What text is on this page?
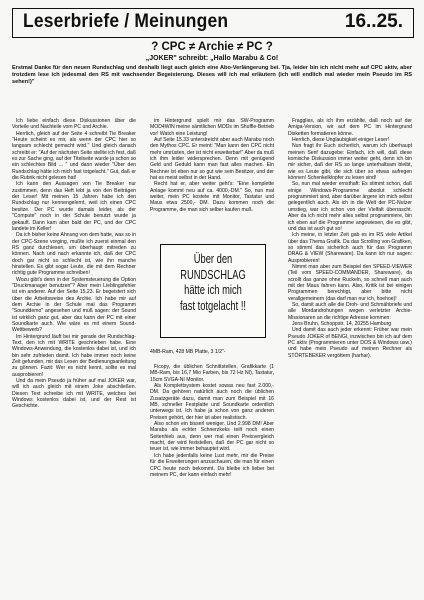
Leserbriefe / Meinungen	16..25.
? CPC ≠ Archie ≠ PC ?
„JOKER" schreibt: „Hallo Marabu & Co!
Erstmal Danke für den neuen Rundschlag und deshalb liegt auch gleich eine Abo-Verlängerung bei. Tja, leider bin ich nicht mehr auf CPC aktiv, aber trotzdem lese ich jedesmal den RS mit wachsender Begeisterung. Dieses will ich mal erläutern (ich will endlich mal wieder mein Pseudo im RS sehen!)"

Ich liebe einfach diese Diskussionen über die Vorteile und Nachteile vom PC und Archie.

Herrlich, gleich auf der Seite 4 schreibt Tie Breaker "Heute scheint es mir, als wenn der CPC hier so langsam schlecht gemacht wird." Und gleich danach schreibt er: "Auf der nächsten Seite stellte ich fest, daß es zur Sache ging, auf der Titelseite wurde ja schon so ein schlechtes Bild ... " und dann wieder "Über den Rundschlag hätte ich mich fast totgelacht." Gut, daß er die Rubrik nicht gelesen hat!

Ich kann den Aussagen von Tie Breaker nur zustimmen, denn das Heft lebt ja von den Beiträgen der Leser! Mit meinen 15 Jahren habe ich den Rundschlag nur kennengelernt, weil ich einen CPC besitze. Der PC wurde damals leider, als der "Compute" noch in der Schule benutzt wurde ja gekauft. Dann kam aber bald der PC, und der CPC landete im Keller!

Da ich bisher keine Ahnung von dem hatte, was so in der CPC-Szene vorging, mußte ich zuerst einmal den RS ganz durchlesen, um überhaupt mitreden zu können. Nach und nach erkannte ich, daß der CPC doch gar nicht so schlecht ist, wie ihn manche hinstellen. Es gibt sogar Leute, die mit dem Rechner richtig gute Programme schreiben!

Wozu gibt's denn in der Systemsteuerung die Option "Druckmanager benutzen"? Aber mein Lieblingsfehler ist ein anderer. Auf der Seite 15.23. Er begeistert sich über die Arbeitsweise des Archie. Ich habe mir auf dem Archie in der Schule mal das Programm "Sounddemo" angesehen und muß sagen: der Sound ist wirklich ganz gut, aber das kann der PC mit einer Soundkarte auch. Wie wäre es mit einem Sound-Wettbewerb?

Im Hintergrund läuft bei mir gerade der Rundschlag-Text, den ich mit WRITE geschrieben habe. Eine Windows-Anwendung, die kostenlos dabei ist, und ich bin sehr zufrieden damit. Ich habe immer noch keine Zeit gefunden, mir das Lesen der Bedienungsanleitung zu gönnen. Fazit: Wer es nicht kennt, sollte es mal ausprobieren!

Und da mein Pseudo ja früher auf mal JOKER war, will ich auch gleich mit einem Joke abschließen. Diesen Text schreibe ich mit WRITE, welches bei Windows kostenlos dabei ist, und der Rest ist Geschichte.

im Hintergrund spielt mir das SW-Programm MOD4WIN meine sämtlichen MODs im Shuffle-Betrieb vor! Watch eine Leistung!

Auf Seite 15.33 unterstreicht aber auch Marabu noch den Mythos CPC. Er meint: "Man kann den CPC nicht mehr umrüsten, der ist nicht erweiterbar!" Aber da muß ich ihm leider widersprechen. Denn mit genügend Geld und Geduld kann man fast alles machen. Ein Rechner ist eben nur so gut wie sein Besitzer, und der hat es meist selbst in der Hand.

Recht hat er, aber weiter geht's: "Eine komplette Anlage kommt neu auf ca. 4000,-DM." So, nun mal weiter, mein PC kostete mit Monitor, Tastatur und Maus etwa 2500,- DM. Dazu kommen noch die Programme, die man sich selber kaufen muß.

Ficopy, die üblichen Schnittstellen, Grafikkarte (1 MB-Ram, bis 16,7 Mio Farben, bis 72 Hz NI), Tastatur, 15cm SVGA-NI Monitor.

Als Komplettsystem kostet sowas neu fast 2.000,-DM. Da gehören natürlich auch noch die üblichen Zusatzgeräte dazu, damit man zum Beispiel mit 16 MB, schneller Festplatte und Soundkarte ordentlich unterwegs ist. Ich habe ja schon von ganz anderen Preisen gehört, der hier ist aber realistisch.

Also schon ein bisserl weniger. Und 2.998 DM! Aber Marabu als echter Schnerzkeks teilt noch einen Seitenhieb aus, denn wer mal einen Preisvergleich macht, der wird feststellen, daß der PC gar nicht so teuer ist, wie immer behauptet wird.

Ich habe jedenfalls keine Lust mehr, mir die Preise für die Erweiterungen anzuschauen, die man für einen CPC heute noch bekommt. Da bleibe ich lieber bei meinem PC, der kann einfach mehr!

Über den
RUNDSCHLAG
hätte ich mich
fast totgelacht !!
4MB-Ram, 428 MB Platte, 3 1/2"-

Fragglies, als ich ihm erzählte, daß noch auf der Amiga-Version, wir auf dem PC im Hintergrund Disketten formatieren könne.

Herrlich, diese Unglaubigkeit einiger Leser!

Nun fragt ihr Euch sicherlich, warum ich überhaupt meinen Senf dazugebe: Einfach, ich will, daß diese komische Diskussion immer weiter geht, denn ich bin mir sicher, daß der RS so lange unterhaltsam bleibt, wie es Leute gibt, die sich über so etwas aufregen können! Schenkelklopfer zu lesen sind!

So, nun mal wieder ernsthaft: Es stimmt schon, daß einige Windows-Programme absolut schlecht programmiert sind, aber darüber ärgere ich mich selbst gelegentlich auch. Als ich in die Welt der PC-Nutzer umstieg, war ich schon von der Vielfalt überrascht. Aber da ich nicht mehr alles selbst programmiere, bin ich eben auf die Programme angewiesen, die es gibt, und das ist auch gut so!

Ich meine, in letzter Zeit gab es im RS viele Artikel über das Thema Grafik. Da das Scrolling von Grafiken, so stimmt das sicherlich auch für das Programm DRAG & VIEW (Shareware). Da kann ich nur sagen: Ausprobieren!

Nimmt man aber zum Beispiel den SPEED-VIEWER (Teil vom SPEED-COMMANDER, Shareware), da scrollt das ganze ohne Ruckeln, so schnell man auch mit der Maus fahren kann. Also, Kritik ist bei einigen Programmen berechtigt, aber bitte nicht verallgemeinern (das darf man nur ich, hoehoe)!

So, damit auch alle die Droh- und Schmähbriefe und alle Mordandrohungen wegen verletzter Archie-Missionaren an die richtige Adresse kommen:

Jens Bruhn, Schoppstr. 14, 20255 Hamburg

Und damit das auch jeder erkennt: Früher war mein Pseudo JOKER of BENGI, inzwischen bin ich auf dem PC aktiv (Programmieren unter DOS & Windows usw.) und habe mein Pseudo auf meinen Rechner als STÖRTEBEKER vergöttern (harhar).
